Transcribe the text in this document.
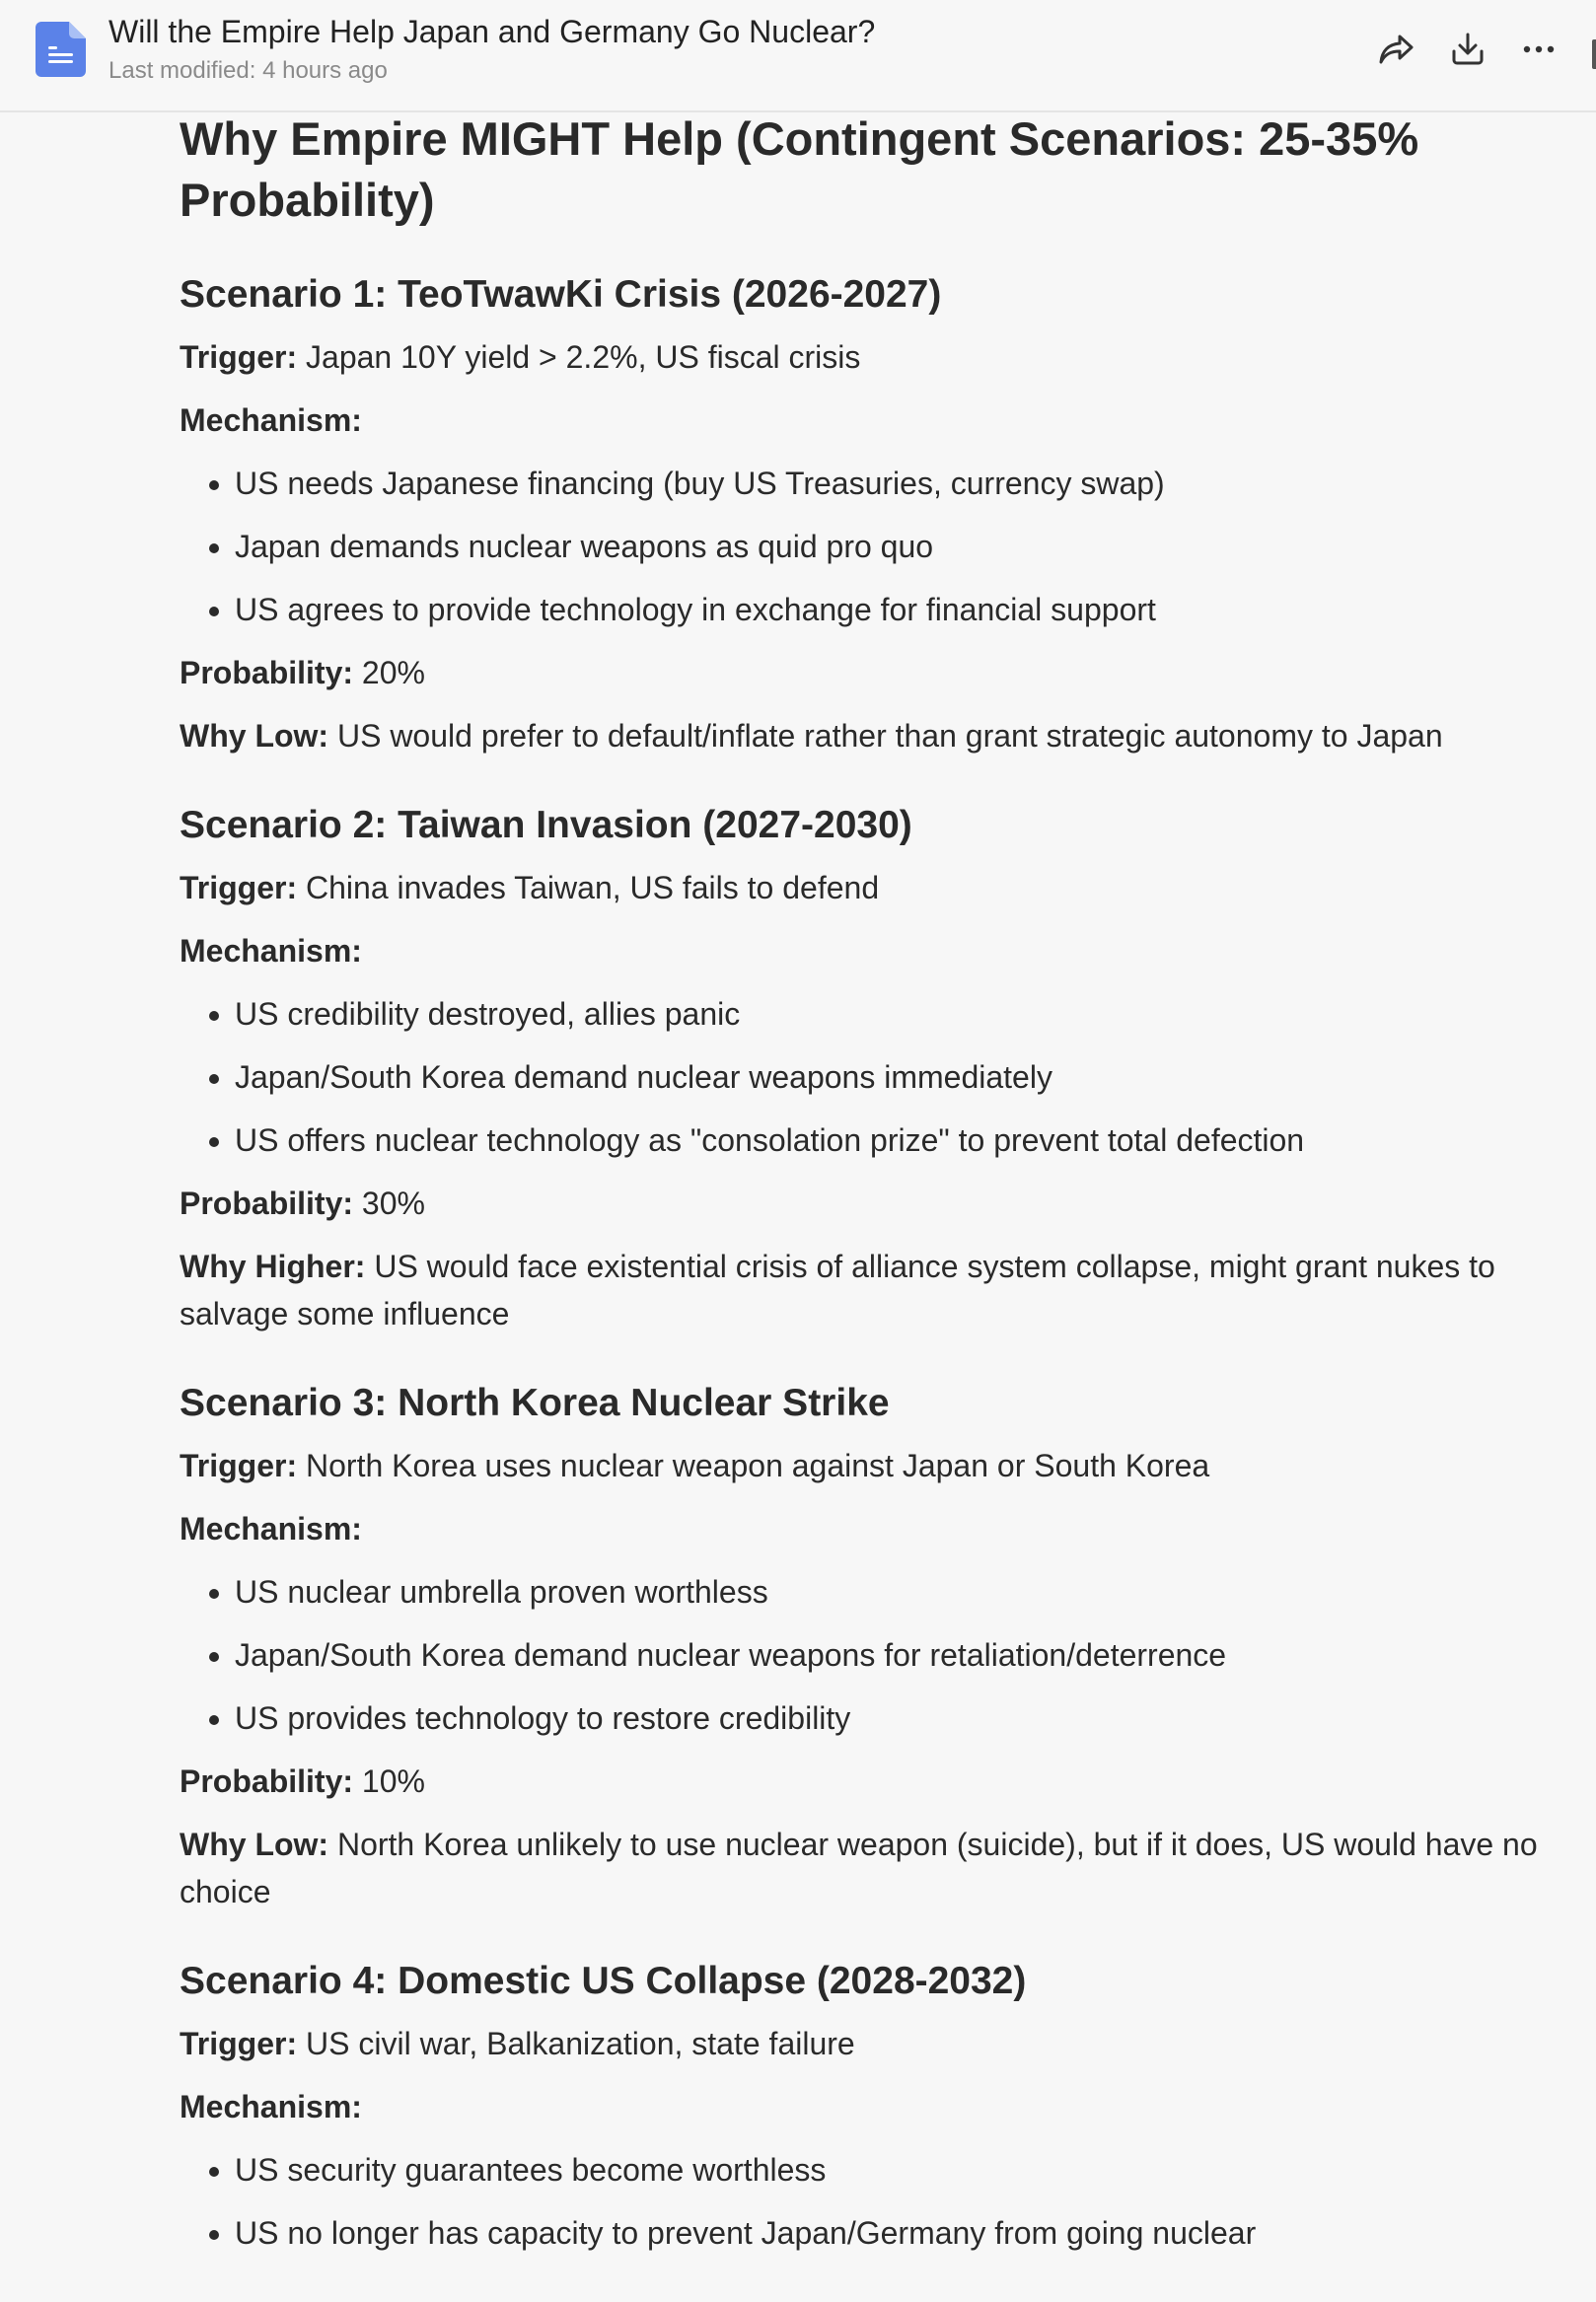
Will the Empire Help Japan and Germany Go Nuclear?
Last modified: 4 hours ago
Why Empire MIGHT Help (Contingent Scenarios: 25-35% Probability)
Scenario 1: TeoTwawKi Crisis (2026-2027)

Trigger: Japan 10Y yield > 2.2%, US fiscal crisis

Mechanism:

• US needs Japanese financing (buy US Treasuries, currency swap)
• Japan demands nuclear weapons as quid pro quo
• US agrees to provide technology in exchange for financial support

Probability: 20%

Why Low: US would prefer to default/inflate rather than grant strategic autonomy to Japan

Scenario 2: Taiwan Invasion (2027-2030)

Trigger: China invades Taiwan, US fails to defend

Mechanism:

• US credibility destroyed, allies panic
• Japan/South Korea demand nuclear weapons immediately
• US offers nuclear technology as "consolation prize" to prevent total defection

Probability: 30%

Why Higher: US would face existential crisis of alliance system collapse, might grant nukes to salvage some influence

Scenario 3: North Korea Nuclear Strike

Trigger: North Korea uses nuclear weapon against Japan or South Korea

Mechanism:

• US nuclear umbrella proven worthless
• Japan/South Korea demand nuclear weapons for retaliation/deterrence
• US provides technology to restore credibility

Probability: 10%

Why Low: North Korea unlikely to use nuclear weapon (suicide), but if it does, US would have no choice

Scenario 4: Domestic US Collapse (2028-2032)

Trigger: US civil war, Balkanization, state failure

Mechanism:

• US security guarantees become worthless
• US no longer has capacity to prevent Japan/Germany from going nuclear
